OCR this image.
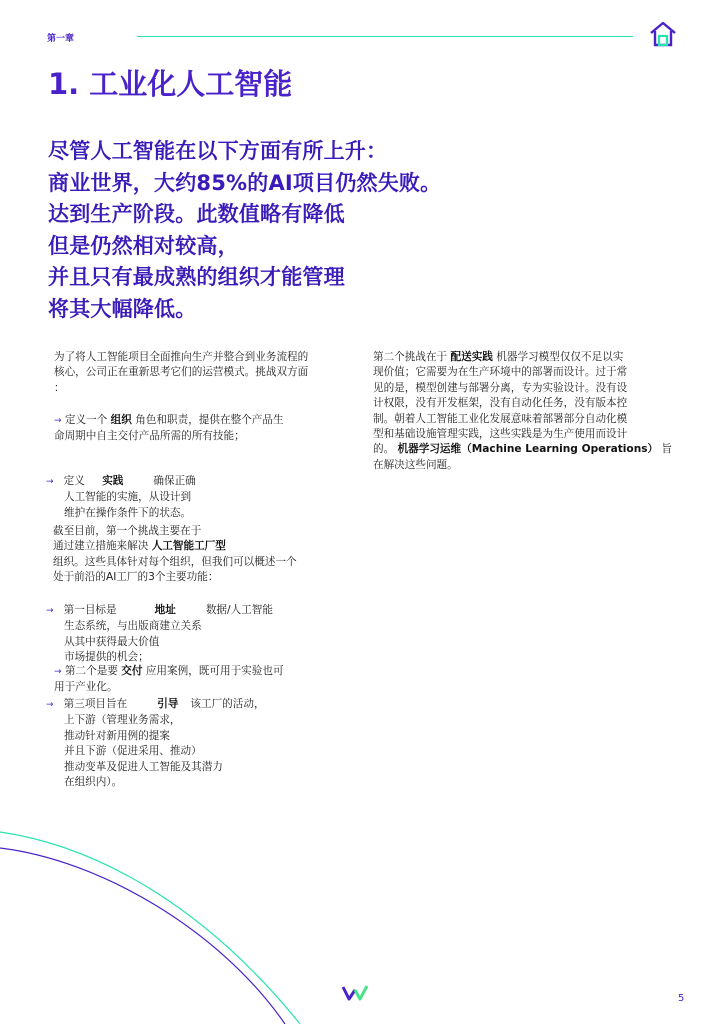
第一章
1. 工业化人工智能
尽管人工智能在以下方面有所上升：
商业世界，大约85%的AI项目仍然失败。
达到生产阶段。此数值略有降低
但是仍然相对较高，
并且只有最成熟的组织才能管理
将其大幅降低。
为了将人工智能项目全面推向生产并整合到业务流程的
核心，公司正在重新思考它们的运营模式。挑战双方面
：
→ 定义一个 组织 角色和职责，提供在整个产品生
命周期中自主交付产品所需的所有技能；
→ 定义 实践	确保正确
人工智能的实施，从设计到
维护在操作条件下的状态。
截至目前，第一个挑战主要在于
通过建立措施来解决 人工智能工厂型
组织。这些具体针对每个组织，但我们可以概述一个
处于前沿的AI工厂的3个主要功能：
→ 第一目标是	地址	数据/人工智能
生态系统，与出版商建立关系
从其中获得最大价值
市场提供的机会；
→ 第二个是要 交付 应用案例，既可用于实验也可
用于产业化。
→ 第三项目旨在	引导 该工厂的活动，
上下游（管理业务需求，
推动针对新用例的提案
并且下游（促进采用、推动）
推动变革及促进人工智能及其潜力
在组织内）。
第二个挑战在于 配送实践 机器学习模型仅仅不足以实
现价值；它需要为在生产环境中的部署而设计。过于常
见的是，模型创建与部署分离，专为实验设计。没有设
计权限，没有开发框架，没有自动化任务，没有版本控
制。朝着人工智能工业化发展意味着部署部分自动化模
型和基础设施管理实践，这些实践是为生产使用而设计
的。 机器学习运维（Machine Learning Operations） 旨
在解决这些问题。
5
